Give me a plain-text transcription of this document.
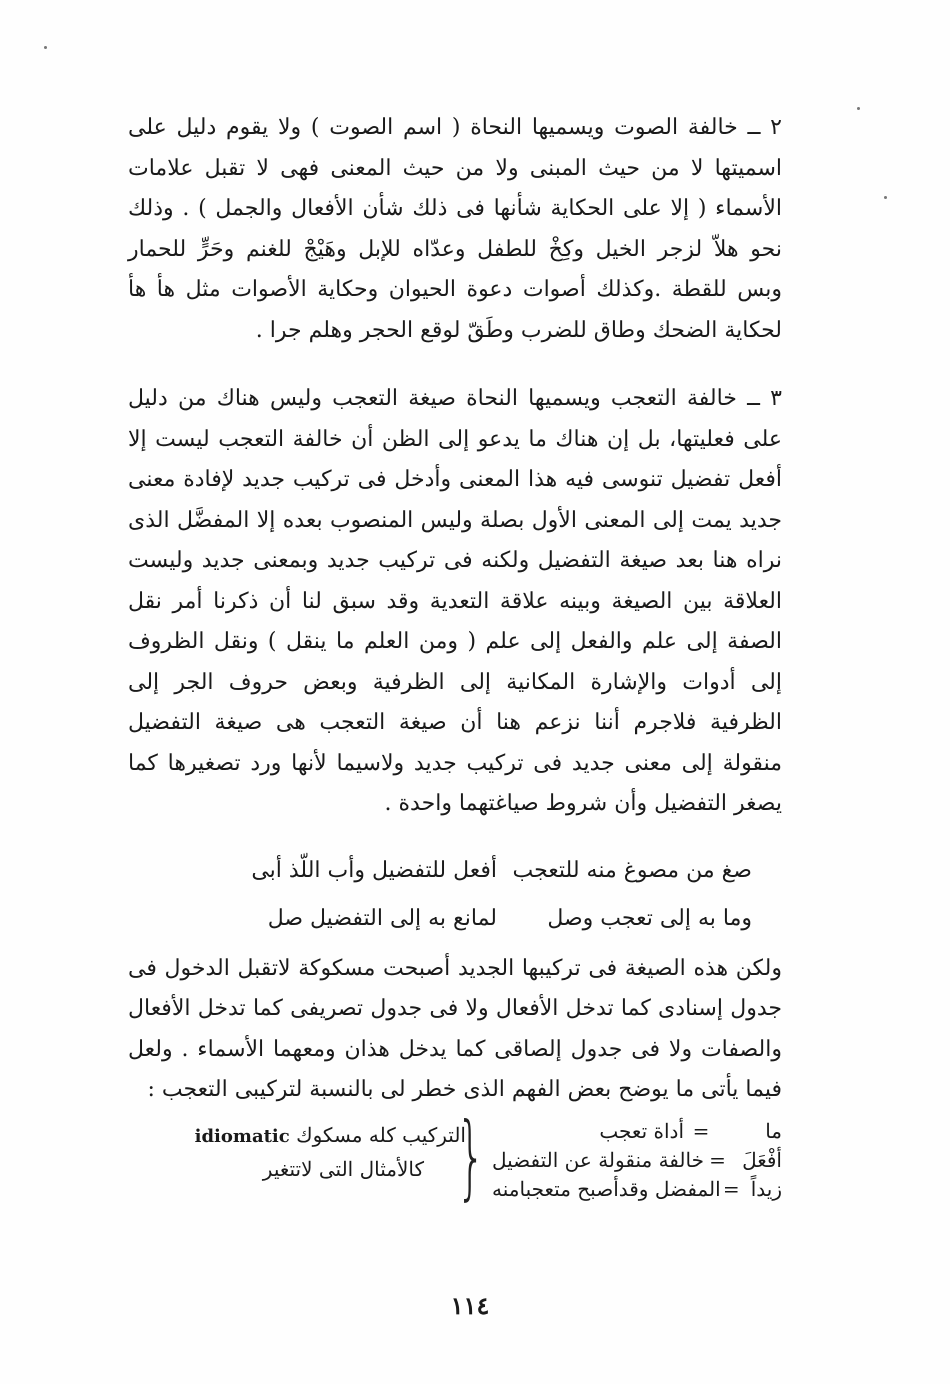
٢ ــ خالفة الصوت ويسميها النحاة ( اسم الصوت ) ولا يقوم دليل على اسميتها لا من حيث المبنى ولا من حيث المعنى فهى لا تقبل علامات الأسماء ( إلا على الحكاية شأنها فى ذلك شأن الأفعال والجمل ) . وذلك نحو هلاّ لزجر الخيل وكِخْ للطفل وعدّاه للإبل وهَيْجْ للغنم وحَرٍّ للحمار وبس للقطة .وكذلك أصوات دعوة الحيوان وحكاية الأصوات مثل هأ هأ لحكاية الضحك وطاق للضرب وطَقّ لوقع الحجر وهلم جرا .

٣ ــ خالفة التعجب ويسميها النحاة صيغة التعجب وليس هناك من دليل على فعليتها، بل إن هناك ما يدعو إلى الظن أن خالفة التعجب ليست إلا أفعل تفضيل تنوسى فيه هذا المعنى وأدخل فى تركيب جديد لإفادة معنى جديد يمت إلى المعنى الأول بصلة وليس المنصوب بعده إلا المفضَّل الذى نراه هنا بعد صيغة التفضيل ولكنه فى تركيب جديد وبمعنى جديد وليست العلاقة بين الصيغة وبينه علاقة التعدية وقد سبق لنا أن ذكرنا أمر نقل الصفة إلى علم والفعل إلى علم ( ومن العلم ما ينقل ) ونقل الظروف إلى أدوات والإشارة المكانية إلى الظرفية وبعض حروف الجر إلى الظرفية فلاجرم أننا نزعم هنا أن صيغة التعجب هى صيغة التفضيل منقولة إلى معنى جديد فى تركيب جديد ولاسيما لأنها ورد تصغيرها كما يصغر التفضيل وأن شروط صياغتهما واحدة .

صغ من مصوغ منه للتعجب
أفعل للتفضيل وأب اللّذ أبى
وما به إلى تعجب وصل
لمانع به إلى التفضيل صل

ولكن هذه الصيغة فى تركيبها الجديد أصبحت مسكوكة لاتقبل الدخول فى جدول إسنادى كما تدخل الأفعال ولا فى جدول تصريفى كما تدخل الأفعال والصفات ولا فى جدول إلصاقى كما يدخل هذان ومعهما الأسماء . ولعل فيما يأتى ما يوضح بعض الفهم الذى خطر لى بالنسبة لتركيبى التعجب :

ما
=
أداة تعجب
أفْعَلَ
=
خالفة منقولة عن التفضيل
زيداً
=
المفضل وقدأصبح متعجبامنه
{
التركيب كله مسكوك idiomatic
كالأمثال التى لاتتغير
١١٤
